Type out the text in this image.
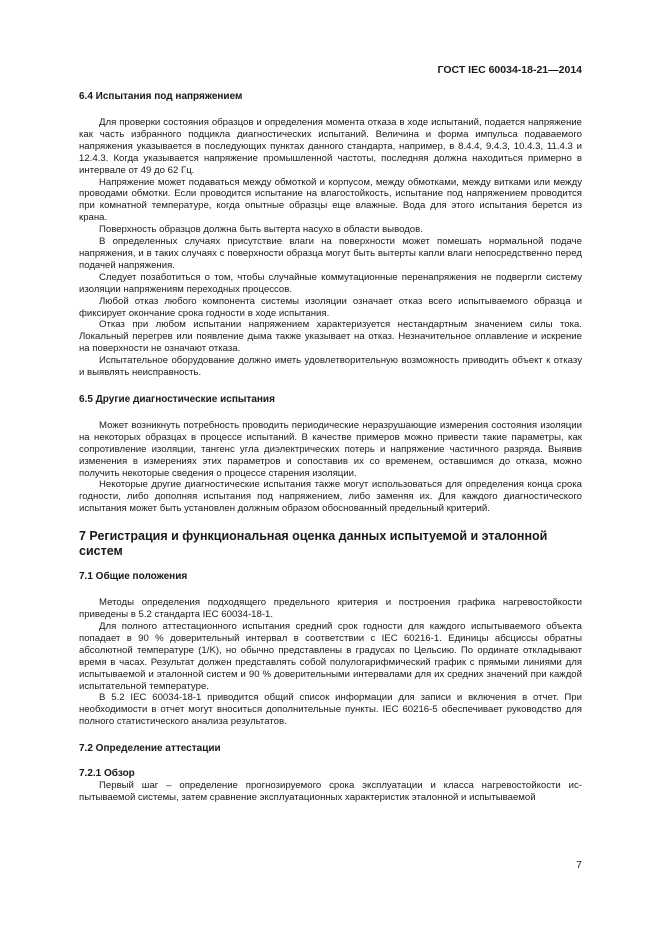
ГОСТ IEC 60034-18-21—2014
6.4 Испытания под напряжением

Для проверки состояния образцов и определения момента отказа в ходе испытаний, подается напряжение как часть избранного подцикла диагностических испытаний. Величина и форма импульса подаваемого напряжения указывается в последующих пунктах данного стандарта, например, в 8.4.4, 9.4.3, 10.4.3, 11.4.3 и 12.4.3. Когда указывается напряжение промышленной частоты, последняя должна находиться примерно в интервале от 49 до 62 Гц.

Напряжение может подаваться между обмоткой и корпусом, между обмотками, между витками или между проводами обмотки. Если проводится испытание на влагостойкость, испытание под напряжением проводится при комнатной температуре, когда опытные образцы еще влажные. Вода для этого испытания берется из крана.

Поверхность образцов должна быть вытерта насухо в области выводов.

В определенных случаях присутствие влаги на поверхности может помешать нормальной подаче напряжения, и в таких случаях с поверхности образца могут быть вытерты капли влаги непосредственно перед подачей напряжения.

Следует позаботиться о том, чтобы случайные коммутационные перенапряжения не подвергли систему изоляции напряжениям переходных процессов.

Любой отказ любого компонента системы изоляции означает отказ всего испытываемого образца и фиксирует окончание срока годности в ходе испытания.

Отказ при любом испытании напряжением характеризуется нестандартным значением силы тока. Локальный перегрев или появление дыма также указывает на отказ. Незначительное оплавление и искрение на поверхности не означают отказа.

Испытательное оборудование должно иметь удовлетворительную возможность приводить объект к отказу и выявлять неисправность.

6.5 Другие диагностические испытания

Может возникнуть потребность проводить периодические неразрушающие измерения состояния изоляции на некоторых образцах в процессе испытаний. В качестве примеров можно привести такие параметры, как сопротивление изоляции, тангенс угла диэлектрических потерь и напряжение частичного разряда. Выявив изменения в измерениях этих параметров и сопоставив их со временем, оставшимся до отказа, можно получить некоторые сведения о процессе старения изоляции.

Некоторые другие диагностические испытания также могут использоваться для определения конца срока годности, либо дополняя испытания под напряжением, либо заменяя их. Для каждого диагностического испытания может быть установлен должным образом обоснованный предельный критерий.

7 Регистрация и функциональная оценка данных испытуемой и эталонной систем
7.1 Общие положения

Методы определения подходящего предельного критерия и построения графика нагревостойкости приведены в 5.2 стандарта IEC 60034-18-1.

Для полного аттестационного испытания средний срок годности для каждого испытываемого объекта попадает в 90 % доверительный интервал в соответствии с IEC 60216-1. Единицы абсциссы обратны абсолютной температуре (1/K), но обычно представлены в градусах по Цельсию. По ординате откладывают время в часах. Результат должен представлять собой полулогарифмический график с прямыми линиями для испытываемой и эталонной систем и 90 % доверительными интервалами для их средних значений при каждой испытательной температуре.

В 5.2 IEC 60034-18-1 приводится общий список информации для записи и включения в отчет. При необходимости в отчет могут вноситься дополнительные пункты. IEC 60216-5 обеспечивает руководство для полного статистического анализа результатов.

7.2 Определение аттестации
7.2.1 Обзор

Первый шаг – определение прогнозируемого срока эксплуатации и класса нагревостойкости испытываемой системы, затем сравнение эксплуатационных характеристик эталонной и испытываемой

7
